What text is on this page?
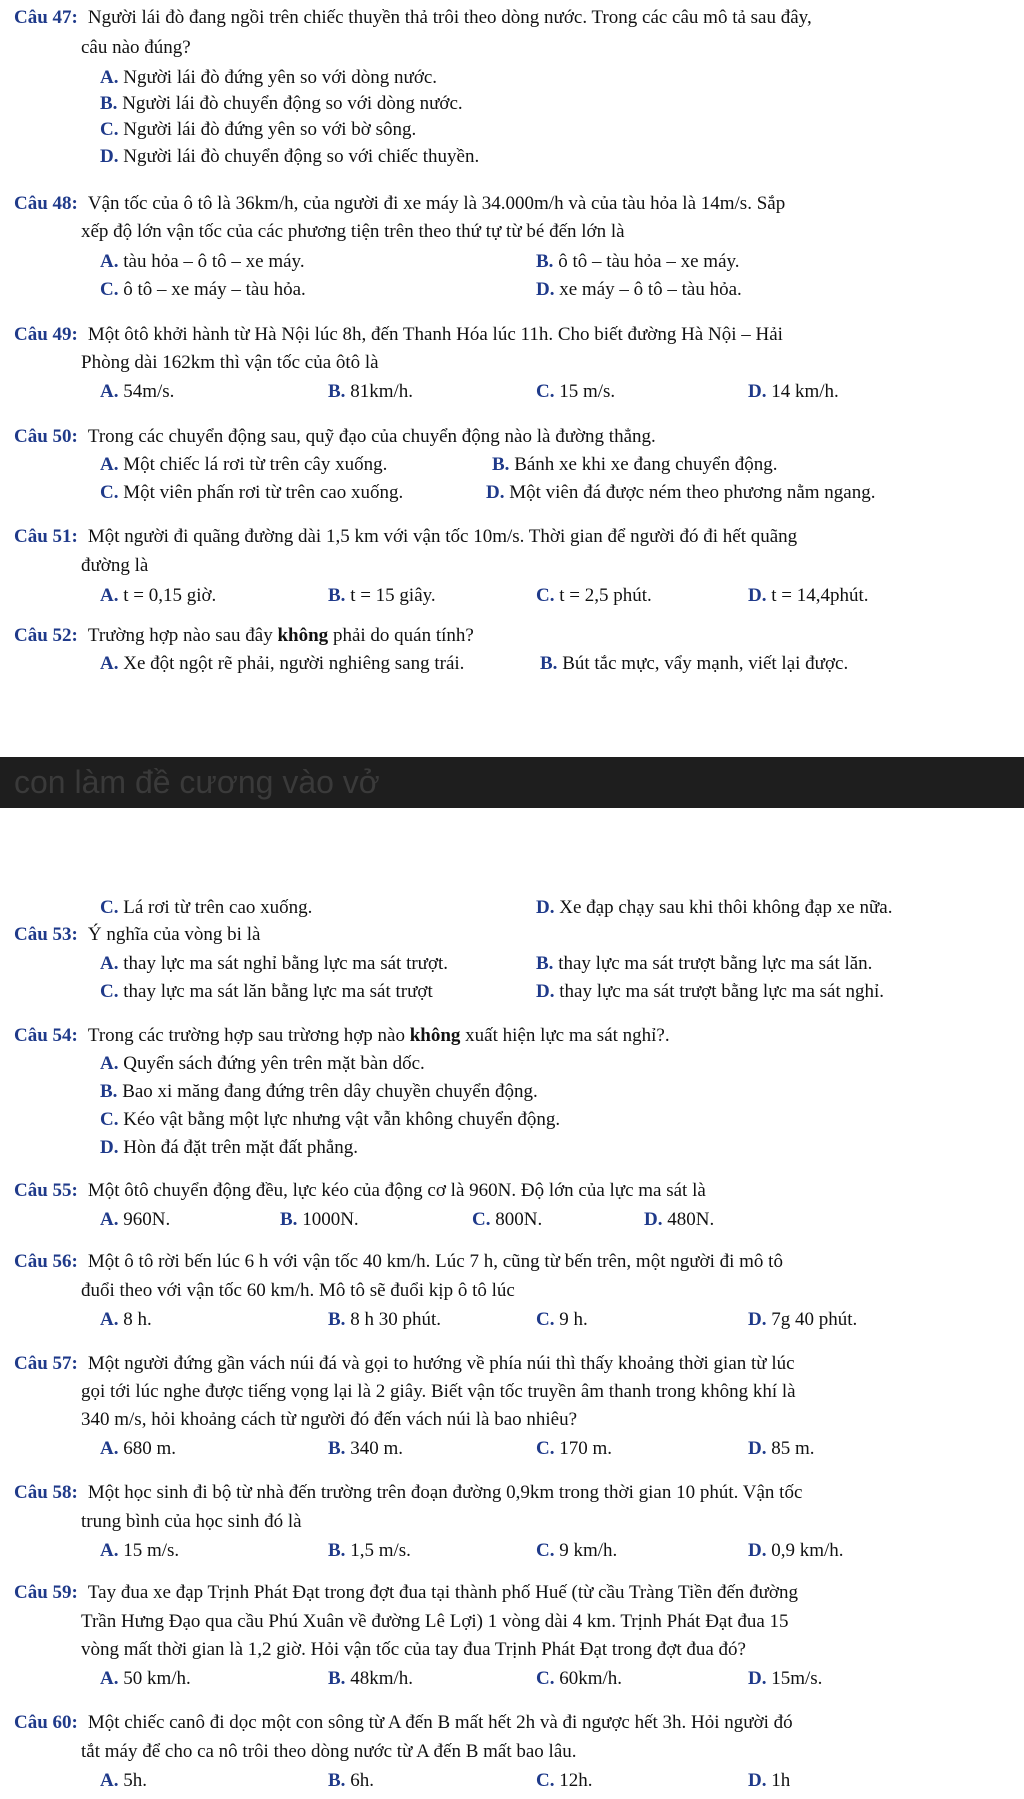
Câu 47: Người lái đò đang ngồi trên chiếc thuyền thả trôi theo dòng nước. Trong các câu mô tả sau đây,
câu nào đúng?
A. Người lái đò đứng yên so với dòng nước.
B. Người lái đò chuyển động so với dòng nước.
C. Người lái đò đứng yên so với bờ sông.
D. Người lái đò chuyển động so với chiếc thuyền.
Câu 48: Vận tốc của ô tô là 36km/h, của người đi xe máy là 34.000m/h và của tàu hỏa là 14m/s. Sắp
xếp độ lớn vận tốc của các phương tiện trên theo thứ tự từ bé đến lớn là
A. tàu hỏa – ô tô – xe máy.	B. ô tô – tàu hỏa – xe máy.
C. ô tô – xe máy – tàu hỏa.	D. xe máy – ô tô – tàu hỏa.
Câu 49: Một ôtô khởi hành từ Hà Nội lúc 8h, đến Thanh Hóa lúc 11h. Cho biết đường Hà Nội – Hải
Phòng dài 162km thì vận tốc của ôtô là
A. 54m/s.	B. 81km/h.	C. 15 m/s.	D. 14 km/h.
Câu 50: Trong các chuyển động sau, quỹ đạo của chuyển động nào là đường thẳng.
A. Một chiếc lá rơi từ trên cây xuống.	B. Bánh xe khi xe đang chuyển động.
C. Một viên phấn rơi từ trên cao xuống.	D. Một viên đá được ném theo phương nằm ngang.
Câu 51: Một người đi quãng đường dài 1,5 km với vận tốc 10m/s. Thời gian để người đó đi hết quãng
đường là
A. t = 0,15 giờ.	B. t = 15 giây.	C. t = 2,5 phút.	D. t = 14,4phút.
Câu 52: Trường hợp nào sau đây không phải do quán tính?
A. Xe đột ngột rẽ phải, người nghiêng sang trái.	B. Bút tắc mực, vẩy mạnh, viết lại được.
con làm đề cương vào vở
C. Lá rơi từ trên cao xuống.	D. Xe đạp chạy sau khi thôi không đạp xe nữa.
Câu 53: Ý nghĩa của vòng bi là
A. thay lực ma sát nghỉ bằng lực ma sát trượt.	B. thay lực ma sát trượt bằng lực ma sát lăn.
C. thay lực ma sát lăn bằng lực ma sát trượt	D. thay lực ma sát trượt bằng lực ma sát nghỉ.
Câu 54: Trong các trường hợp sau trừơng hợp nào không xuất hiện lực ma sát nghỉ?.
A. Quyển sách đứng yên trên mặt bàn dốc.
B. Bao xi măng đang đứng trên dây chuyền chuyển động.
C. Kéo vật bằng một lực nhưng vật vẫn không chuyển động.
D. Hòn đá đặt trên mặt đất phẳng.
Câu 55: Một ôtô chuyển động đều, lực kéo của động cơ là 960N. Độ lớn của lực ma sát là
A. 960N.	B. 1000N.	C. 800N.	D. 480N.
Câu 56: Một ô tô rời bến lúc 6 h với vận tốc 40 km/h. Lúc 7 h, cũng từ bến trên, một người đi mô tô
đuổi theo với vận tốc 60 km/h. Mô tô sẽ đuổi kịp ô tô lúc
A. 8 h.	B. 8 h 30 phút.	C. 9 h.	D. 7g 40 phút.
Câu 57: Một người đứng gần vách núi đá và gọi to hướng về phía núi thì thấy khoảng thời gian từ lúc
gọi tới lúc nghe được tiếng vọng lại là 2 giây. Biết vận tốc truyền âm thanh trong không khí là
340 m/s, hỏi khoảng cách từ người đó đến vách núi là bao nhiêu?
A. 680 m.	B. 340 m.	C. 170 m.	D. 85 m.
Câu 58: Một học sinh đi bộ từ nhà đến trường trên đoạn đường 0,9km trong thời gian 10 phút. Vận tốc
trung bình của học sinh đó là
A. 15 m/s.	B. 1,5 m/s.	C. 9 km/h.	D. 0,9 km/h.
Câu 59: Tay đua xe đạp Trịnh Phát Đạt trong đợt đua tại thành phố Huế (từ cầu Tràng Tiền đến đường
Trần Hưng Đạo qua cầu Phú Xuân về đường Lê Lợi) 1 vòng dài 4 km. Trịnh Phát Đạt đua 15
vòng mất thời gian là 1,2 giờ. Hỏi vận tốc của tay đua Trịnh Phát Đạt trong đợt đua đó?
A. 50 km/h.	B. 48km/h.	C. 60km/h.	D. 15m/s.
Câu 60: Một chiếc canô đi dọc một con sông từ A đến B mất hết 2h và đi ngược hết 3h. Hỏi người đó
tắt máy để cho ca nô trôi theo dòng nước từ A đến B mất bao lâu.
A. 5h.	B. 6h.	C. 12h.	D. 1h
